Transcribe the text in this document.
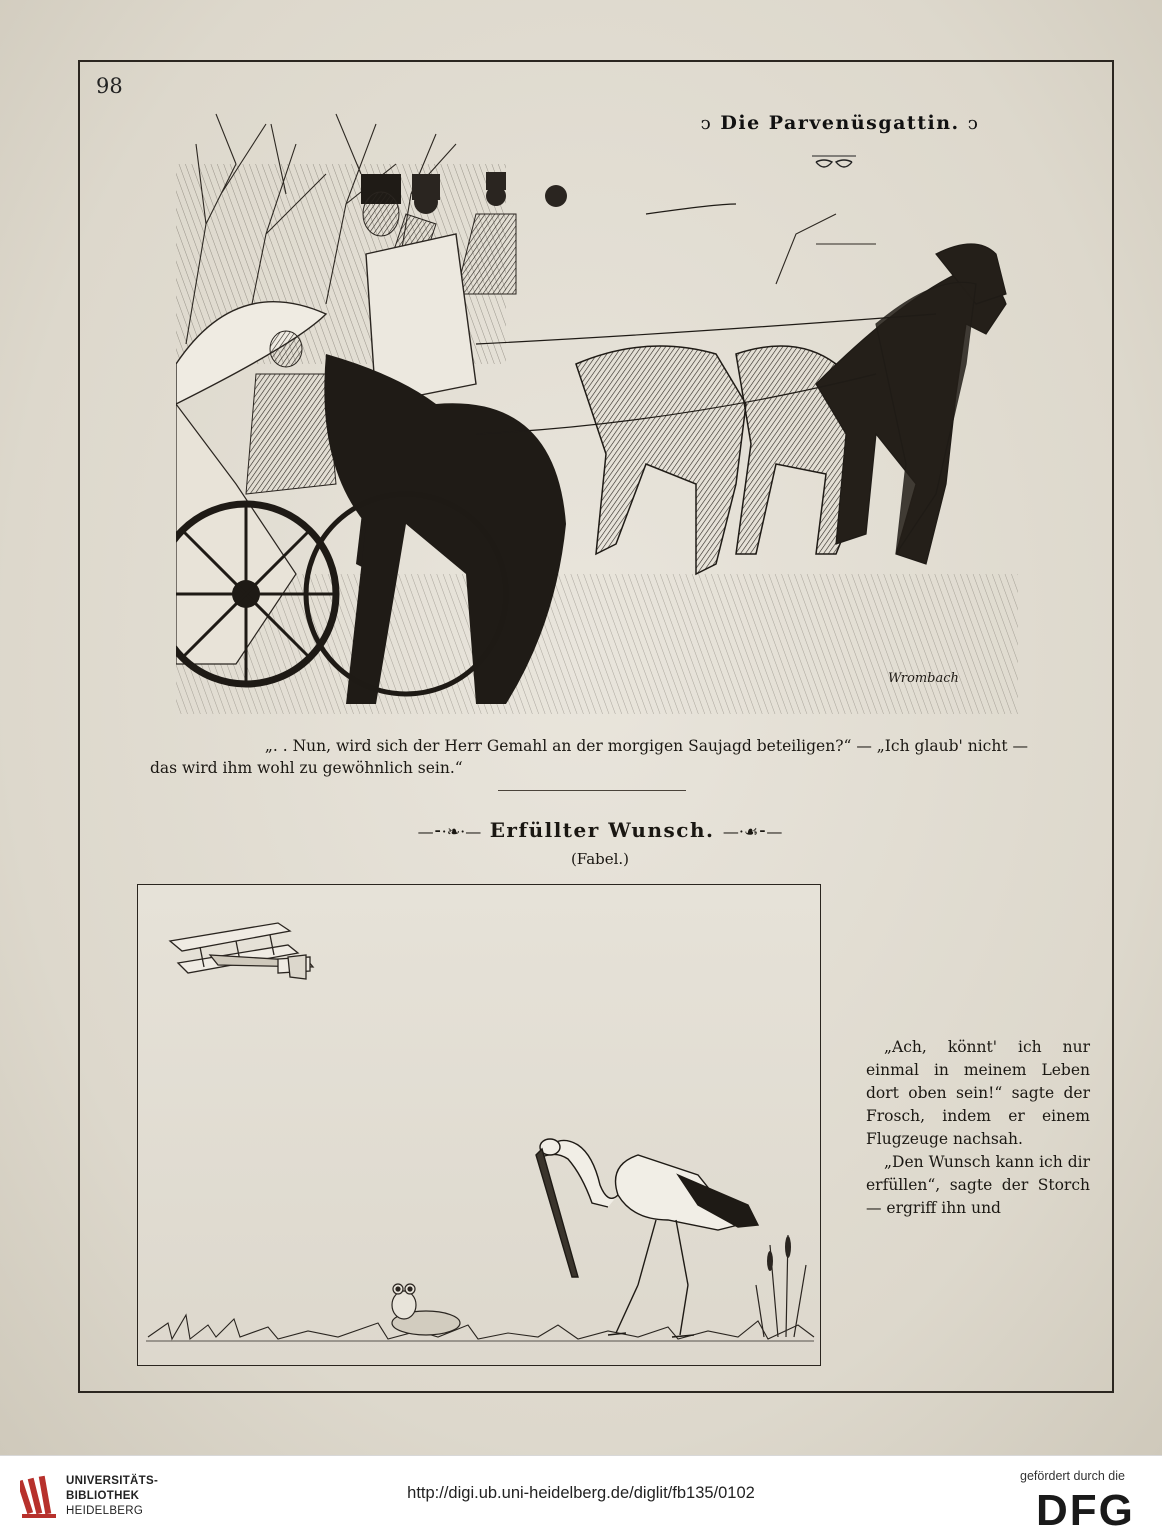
98
Wrombach
ↄ Die Parvenüsgattin. ↄ
„. . Nun, wird sich der Herr Gemahl an der morgigen Saujagd beteiligen?“ — „Ich glaub' nicht —
das wird ihm wohl zu gewöhnlich sein.“
—⁃·❧·— Erfüllter Wunsch. —·☙⁃—
(Fabel.)

„Ach, könnt' ich nur einmal in meinem Leben dort oben sein!“ sagte der Frosch, indem er einem Flugzeuge nachsah.

„Den Wunsch kann ich dir erfüllen“, sagte der Storch — ergriff ihn und

UNIVERSITÄTS-
BIBLIOTHEK
HEIDELBERG
http://digi.ub.uni-heidelberg.de/diglit/fb135/0102
gefördert durch die
DFG
